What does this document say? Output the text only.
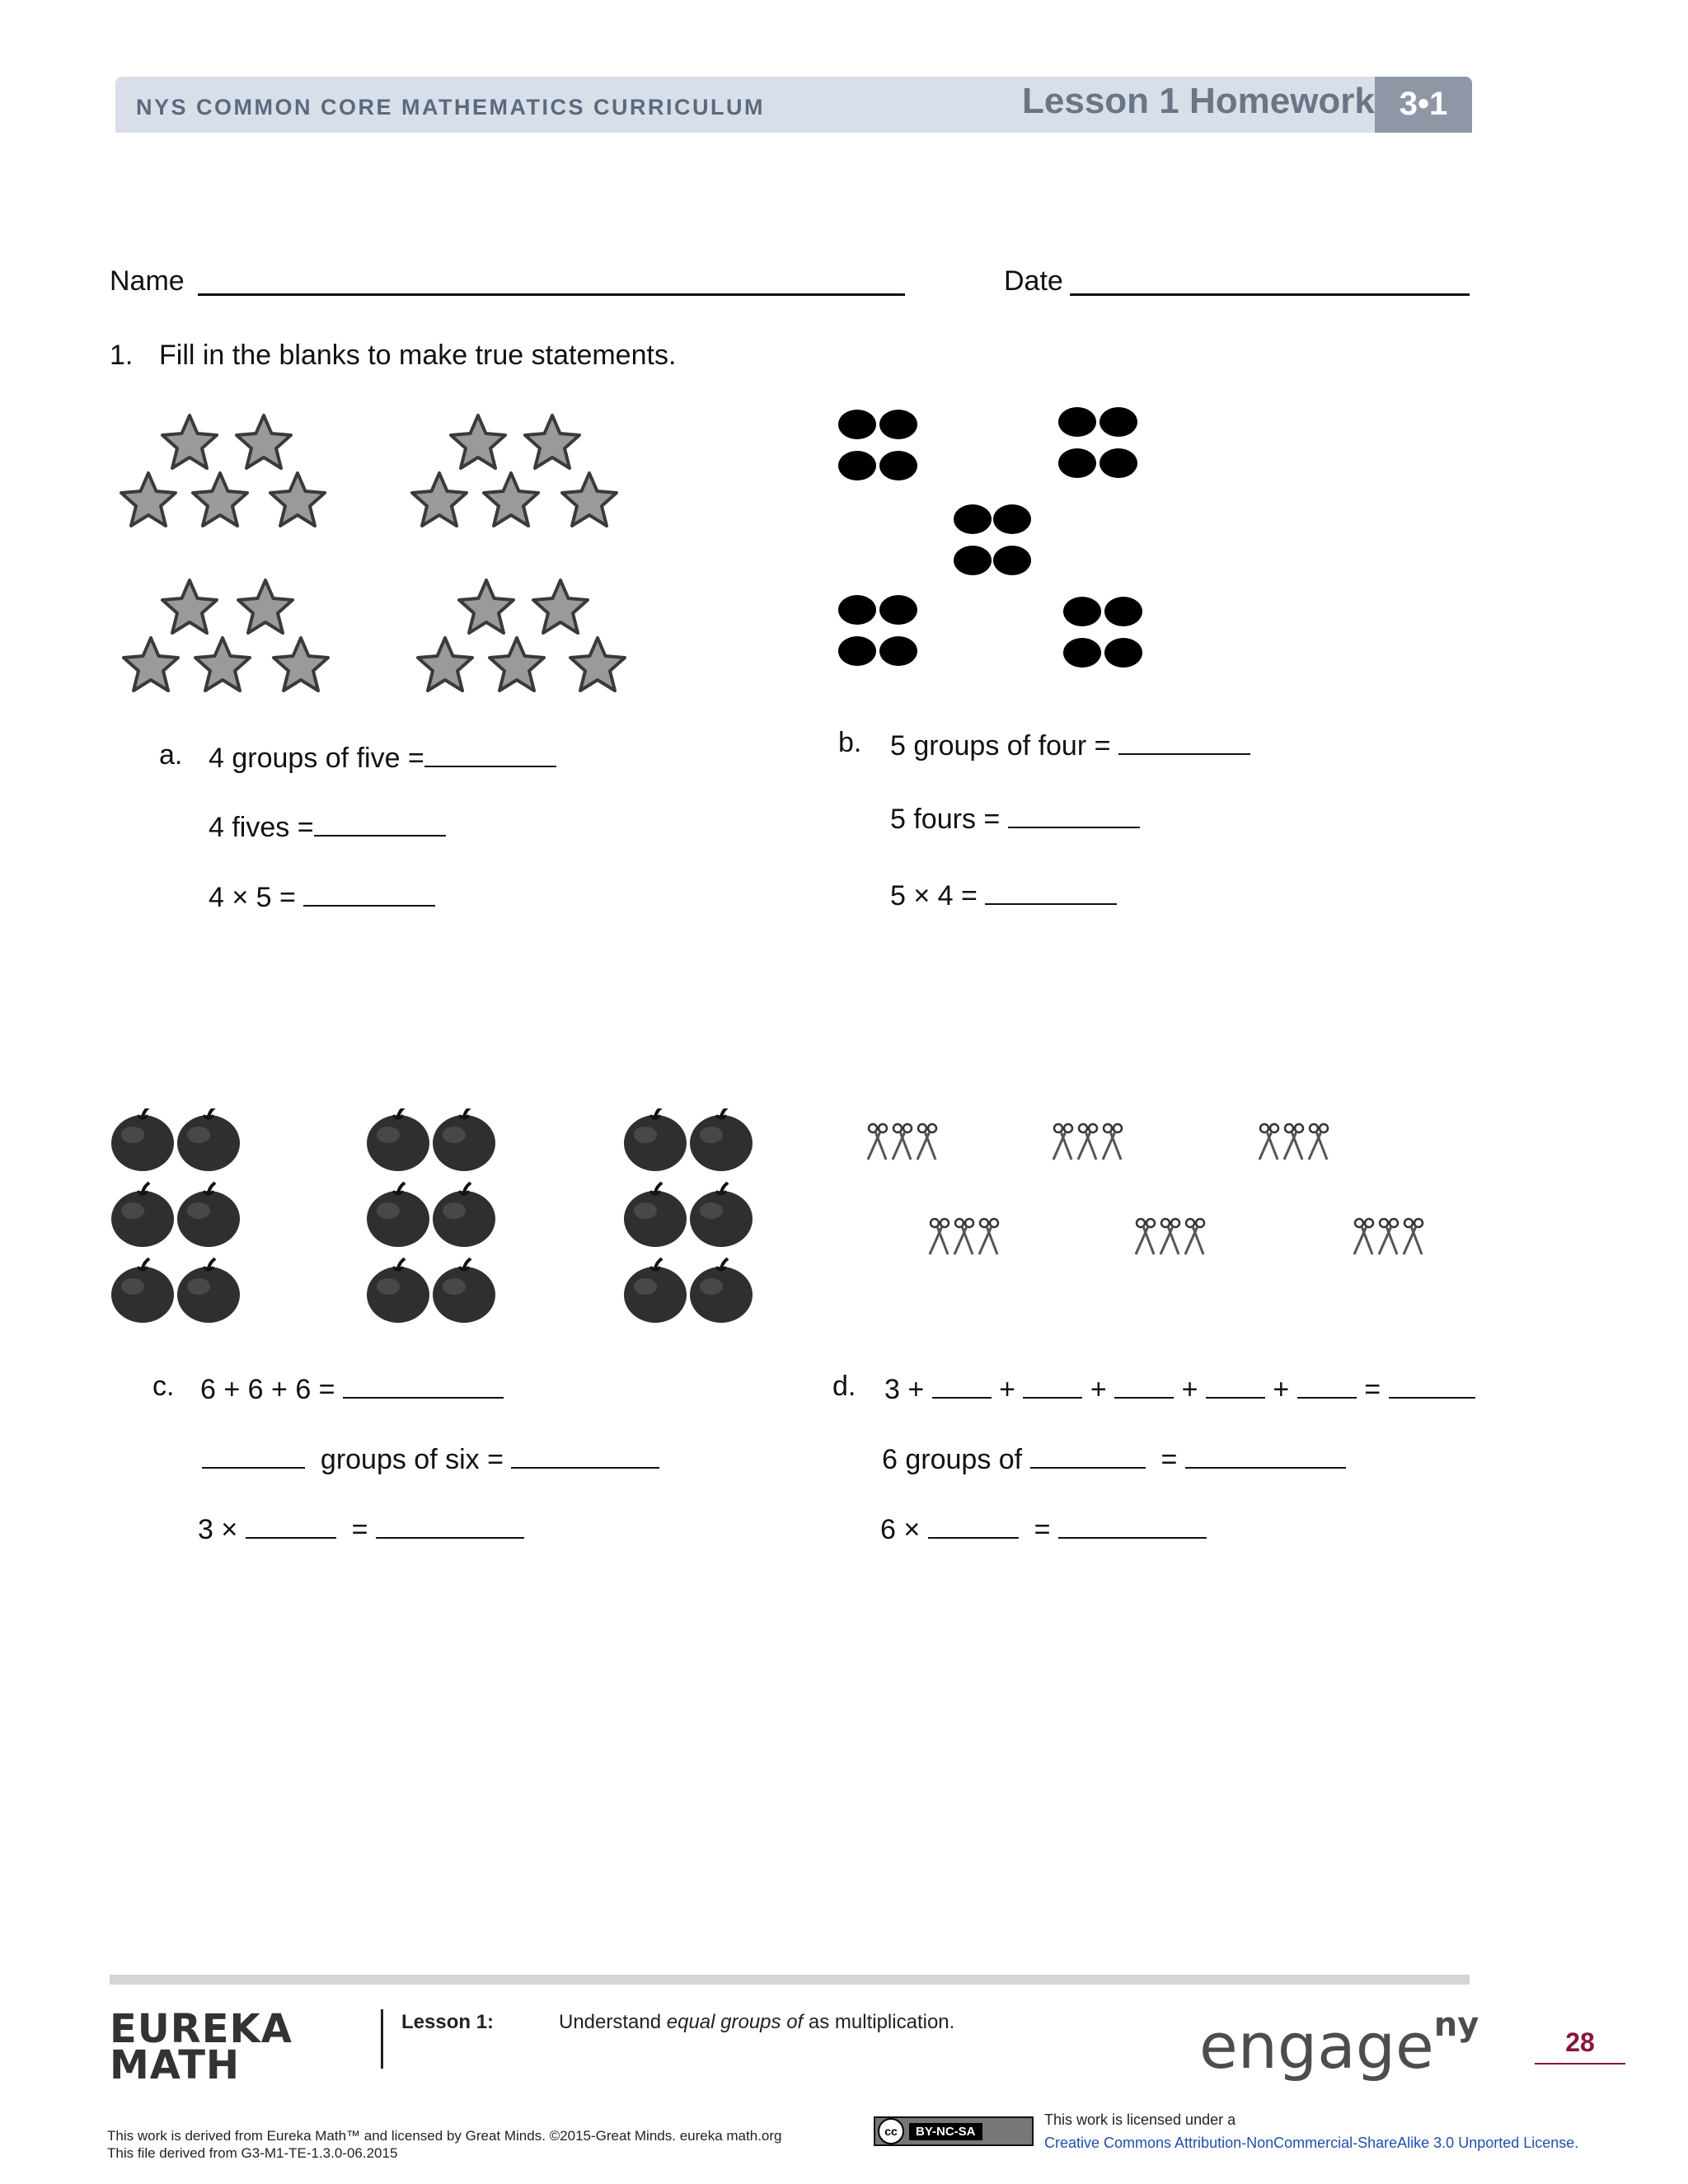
NYS COMMON CORE MATHEMATICS CURRICULUM	Lesson 1 Homework 3•1
Name	Date
1. Fill in the blanks to make true statements.
a. 4 groups of five =
4 fives =
4 × 5 =
b. 5 groups of four =
5 fours =
5 × 4 =
c. 6 + 6 + 6 =
groups of six =
3 ×	=
d. 3 +	+	+	+	+	=
6 groups of	=
6 ×	=
EUREKA
MATH
Lesson 1:	Understand equal groups of as multiplication.	engage$^{ny}$	28
This work is derived from Eureka Math™ and licensed by Great Minds. ©2015-Great Minds. eureka math.org
This file derived from G3-M1-TE-1.3.0-06.2015
cc	BY-NC-SA
This work is licensed under a
Creative Commons Attribution-NonCommercial-ShareAlike 3.0 Unported License.
